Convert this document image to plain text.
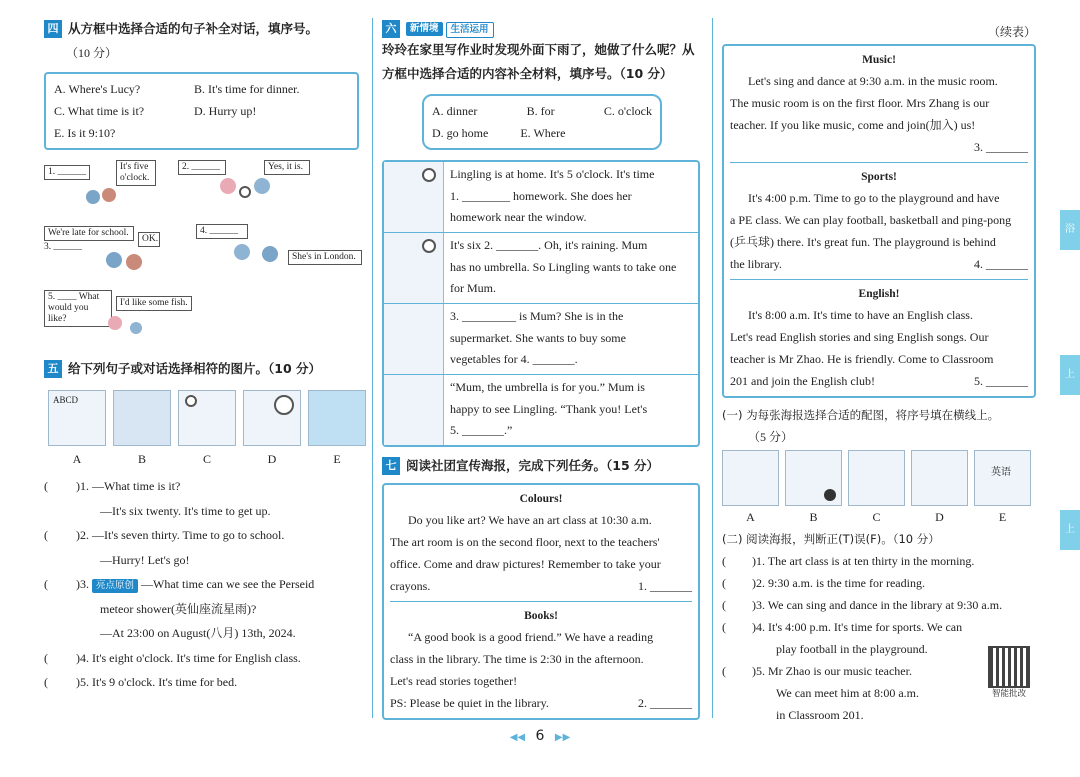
四 从方框中选择合适的句子补全对话，填序号。
（10 分）
A. Where's Lucy?	B. It's time for dinner.
C. What time is it?	D. Hurry up!
E. Is it 9:10?
1. ______	It's five o'clock.
2. ______	Yes, it is.
We're late for school.
3. ______
OK.
4. ______
She's in London.
5. ____ What would you like?
I'd like some fish.
五 给下列句子或对话选择相符的图片。（10 分）
ABCD
A	B	C	D	E
( )1. —What time is it?
—It's six twenty. It's time to get up.
( )2. —It's seven thirty. Time to go to school.
—Hurry! Let's go!
( )3. 亮点原创 —What time can we see the Perseid
meteor shower(英仙座流星雨)?
—At 23:00 on August(八月) 13th, 2024.
( )4. It's eight o'clock. It's time for English class.
( )5. It's 9 o'clock. It's time for bed.
六	新情境	生活运用
玲玲在家里写作业时发现外面下雨了，她做了什么呢？从方框中选择合适的内容补全材料，填序号。（10 分）
A. dinner	B. for	C. o'clock
D. go home	E. Where
Lingling is at home. It's 5 o'clock. It's time
1. ________ homework. She does her
homework near the window.
It's six 2. _______. Oh, it's raining. Mum
has no umbrella. So Lingling wants to take one
for Mum.
3. _________ is Mum? She is in the
supermarket. She wants to buy some
vegetables for 4. _______.
“Mum, the umbrella is for you.” Mum is
happy to see Lingling. “Thank you! Let's
5. _______.”
七 阅读社团宣传海报，完成下列任务。（15 分）
Colours!
Do you like art? We have an art class at 10:30 a.m.
The art room is on the second floor, next to the teachers'
office. Come and draw pictures! Remember to take your
crayons.	1. _______
Books!
“A good book is a good friend.” We have a reading
class in the library. The time is 2:30 in the afternoon.
Let's read stories together!
PS: Please be quiet in the library.	2. _______
（续表）
Music!
Let's sing and dance at 9:30 a.m. in the music room.
The music room is on the first floor. Mrs Zhang is our
teacher. If you like music, come and join(加入) us!
3. _______
Sports!
It's 4:00 p.m. Time to go to the playground and have
a PE class. We can play football, basketball and ping-pong
(乒乓球) there. It's great fun. The playground is behind
the library.	4. _______
English!
It's 8:00 a.m. It's time to have an English class.
Let's read English stories and sing English songs. Our
teacher is Mr Zhao. He is friendly. Come to Classroom
201 and join the English club!	5. _______
(一) 为每张海报选择合适的配图，将序号填在横线上。
（5 分）
英语
A	B	C	D	E
(二) 阅读海报，判断正(T)误(F)。（10 分）
( )1. The art class is at ten thirty in the morning.
( )2. 9:30 a.m. is the time for reading.
( )3. We can sing and dance in the library at 9:30 a.m.
( )4. It's 4:00 p.m. It's time for sports. We can
play football in the playground.
( )5. Mr Zhao is our music teacher.
We can meet him at 8:00 a.m.
in Classroom 201.
智能批改
浴
上
上
◀◀ 6 ▶▶
